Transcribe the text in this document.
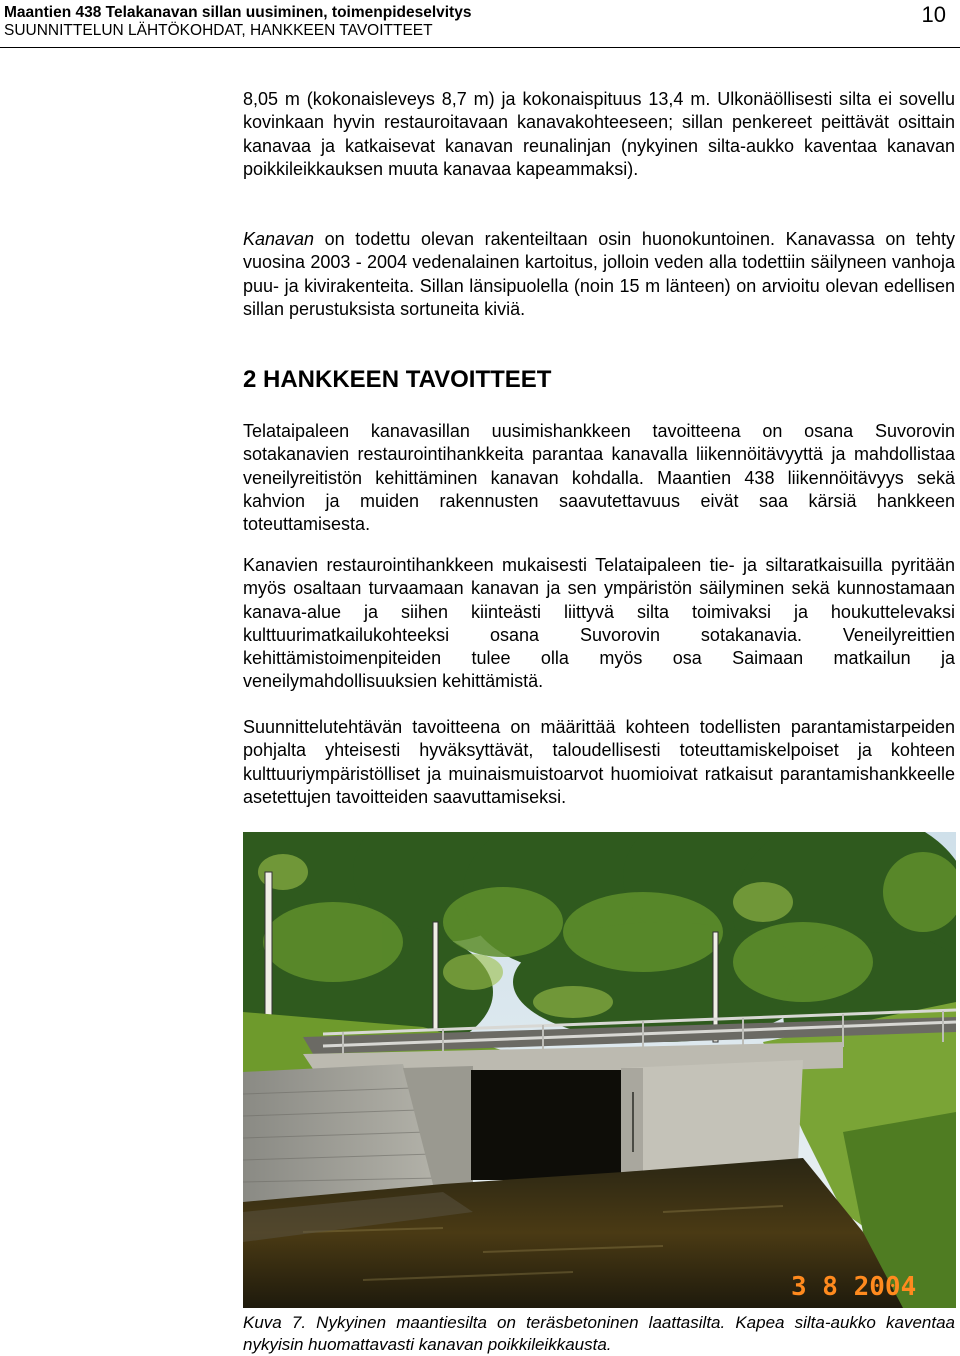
Maantien 438 Telakanavan sillan uusiminen, toimenpideselvitys
SUUNNITTELUN LÄHTÖKOHDAT, HANKKEEN TAVOITTEET
10

8,05 m (kokonaisleveys 8,7 m) ja kokonaispituus 13,4 m. Ulkonäöllisesti silta ei sovellu kovinkaan hyvin restauroitavaan kanavakohteeseen; sillan penkereet peittävät osittain kanavaa ja katkaisevat kanavan reunalinjan (nykyinen silta-aukko kaventaa kanavan poikkileikkauksen muuta kanavaa kapeammaksi).

Kanavan on todettu olevan rakenteiltaan osin huonokuntoinen. Kanavassa on tehty vuosina 2003 - 2004 vedenalainen kartoitus, jolloin veden alla todettiin säilyneen vanhoja puu- ja kivirakenteita. Sillan länsipuolella (noin 15 m länteen) on arvioitu olevan edellisen sillan perustuksista sortuneita kiviä.

2 HANKKEEN TAVOITTEET

Telataipaleen kanavasillan uusimishankkeen tavoitteena on osana Suvorovin sotakanavien restaurointihankkeita parantaa kanavalla liikennöitävyyttä ja mahdollistaa veneilyreitistön kehittäminen kanavan kohdalla. Maantien 438 liikennöitävyys sekä kahvion ja muiden rakennusten saavutettavuus eivät saa kärsiä hankkeen toteuttamisesta.

Kanavien restaurointihankkeen mukaisesti Telataipaleen tie- ja siltaratkaisuilla pyritään myös osaltaan turvaamaan kanavan ja sen ympäristön säilyminen sekä kunnostamaan kanava-alue ja siihen kiinteästi liittyvä silta toimivaksi ja houkuttelevaksi kulttuurimatkailukohteeksi osana Suvorovin sotakanavia. Veneilyreittien kehittämistoimenpiteiden tulee olla myös osa Saimaan matkailun ja veneilymahdollisuuksien kehittämistä.

Suunnittelutehtävän tavoitteena on määrittää kohteen todellisten parantamistarpeiden pohjalta yhteisesti hyväksyttävät, taloudellisesti toteuttamiskelpoiset ja kohteen kulttuuriympäristölliset ja muinaismuistoarvot huomioivat ratkaisut parantamishankkeelle asetettujen tavoitteiden saavuttamiseksi.

3 8 2004
Kuva 7. Nykyinen maantiesilta on teräsbetoninen laattasilta. Kapea silta-aukko kaventaa nykyisin huomattavasti kanavan poikkileikkausta.
